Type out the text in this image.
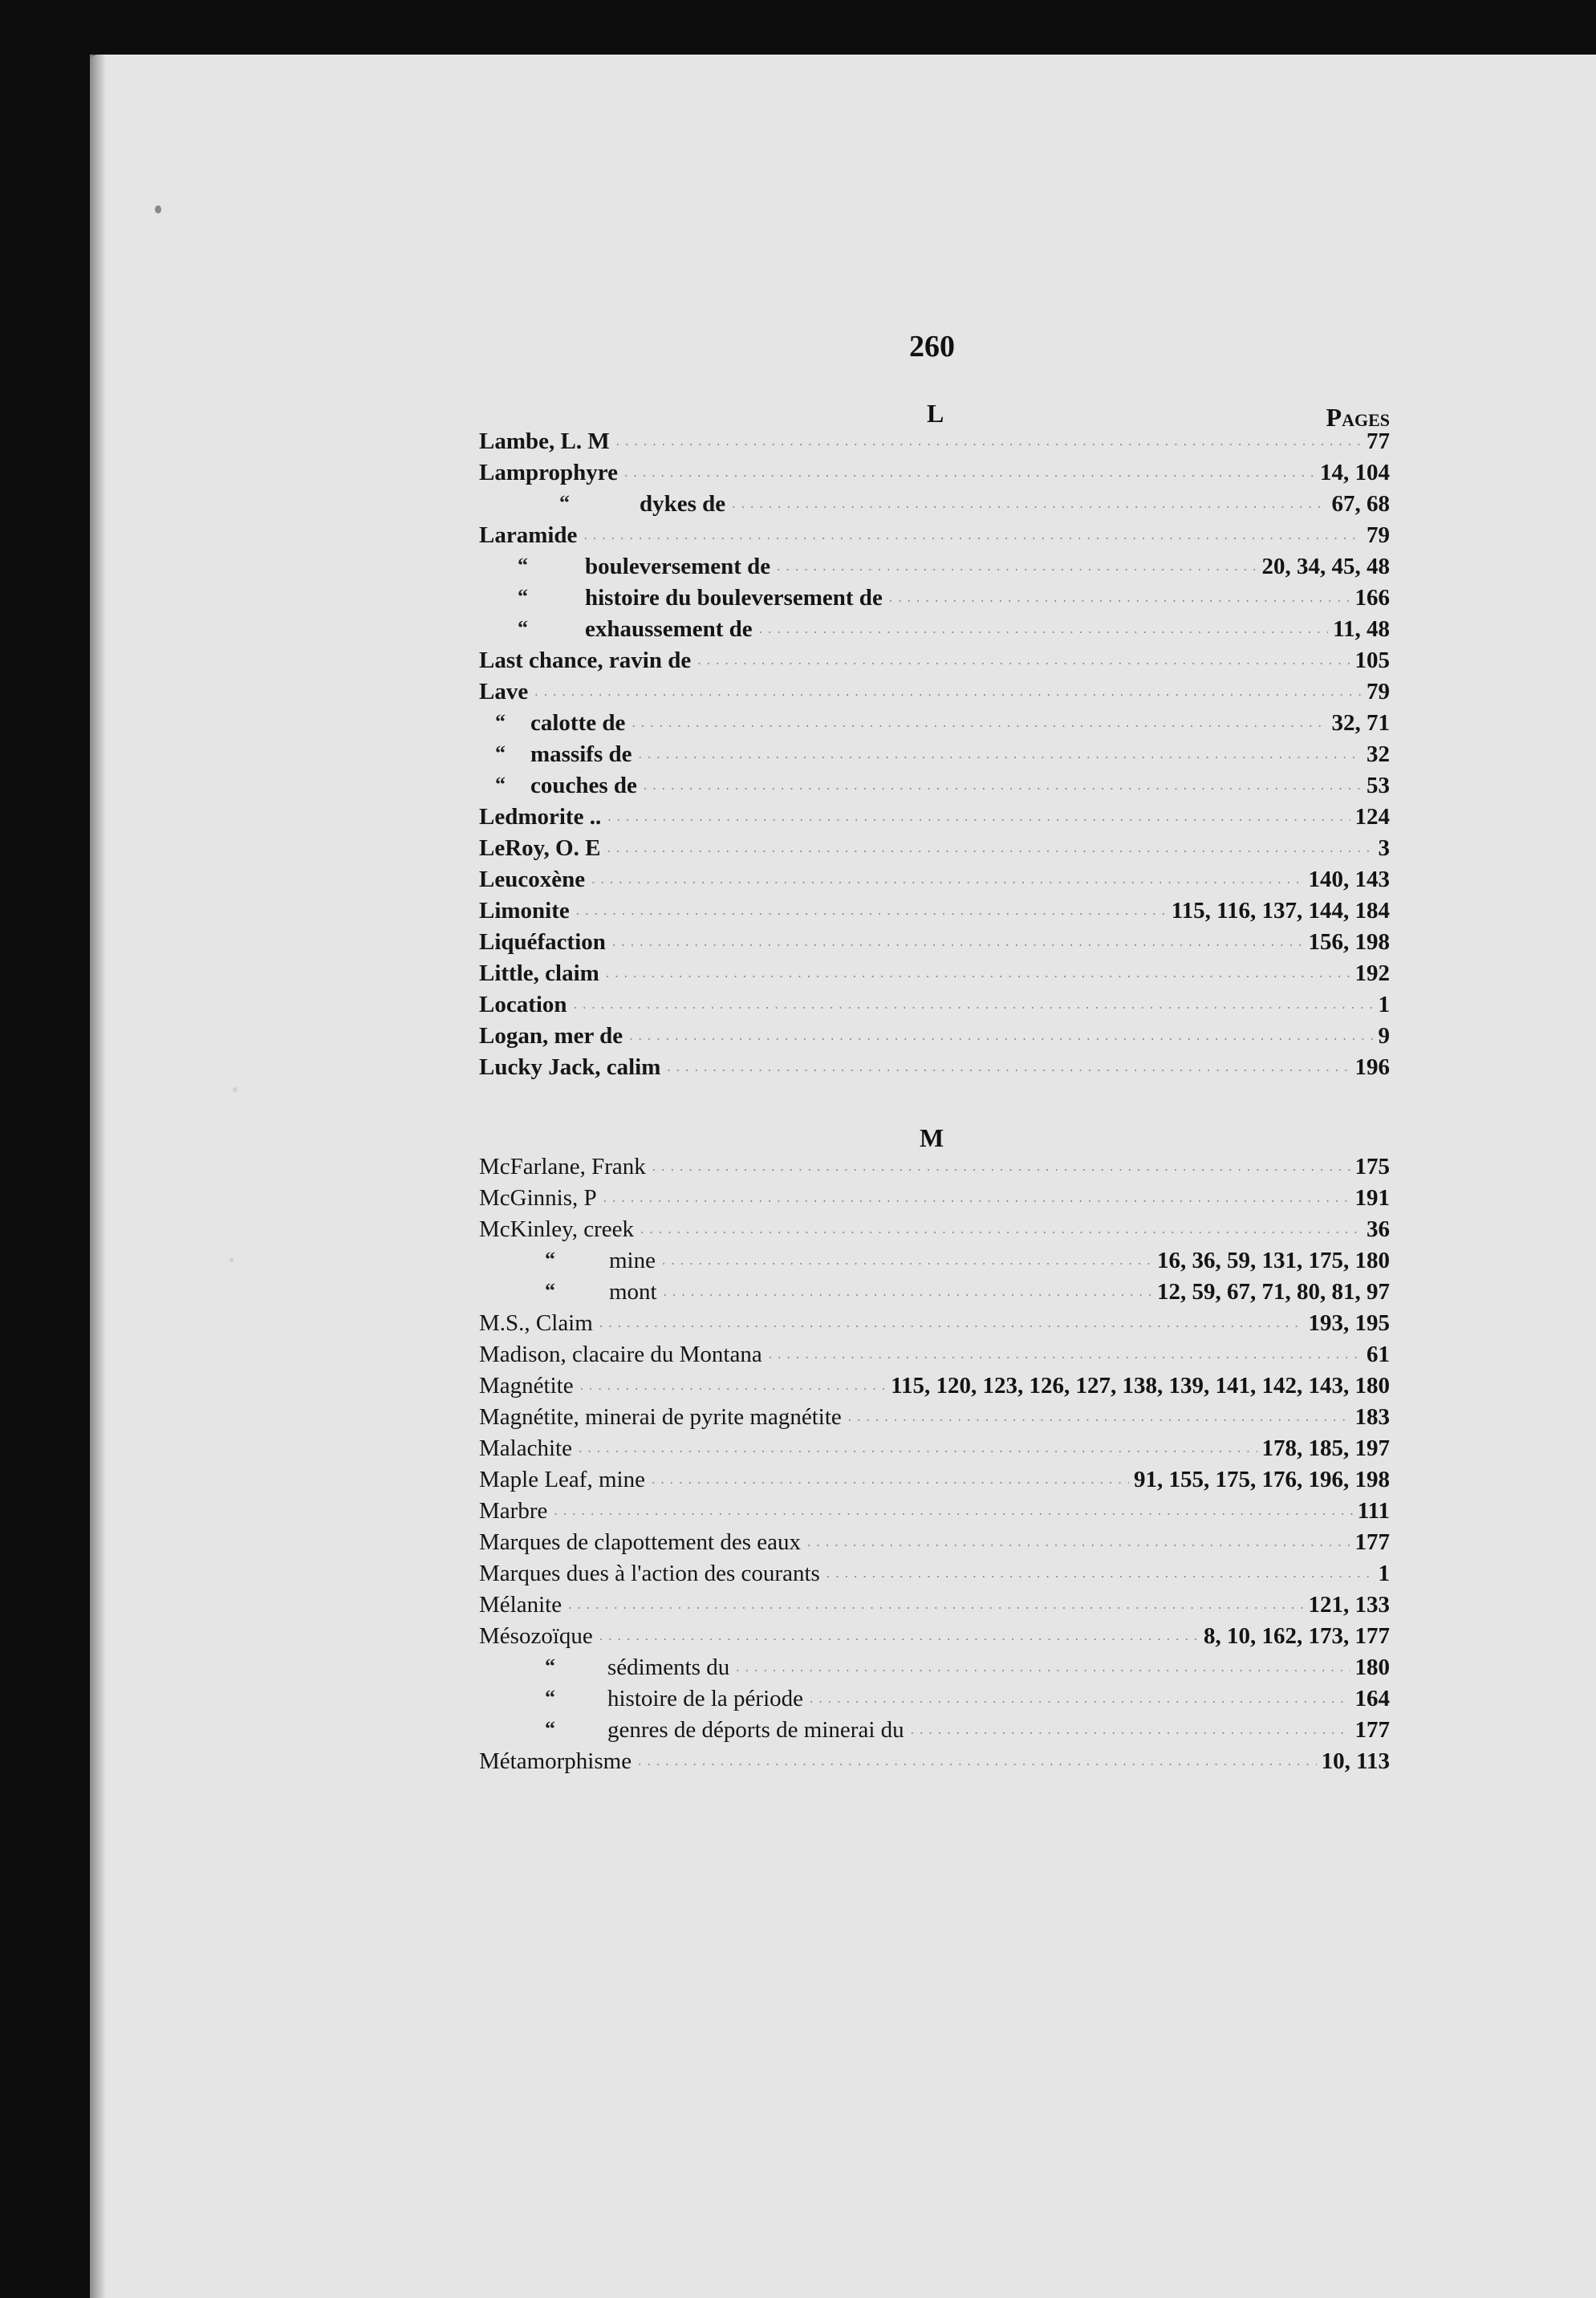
260
Pages
L
Lambe, L. M .....	77
Lamprophyre .....	14, 104
“	dykes de .....	67, 68
Laramide .....	79
“ bouleversement de .....	20, 34, 45, 48
“ histoire du bouleversement de .....	166
“ exhaussement de .....	11, 48
Last chance, ravin de .....	105
Lave .....	79
“ calotte de .....	32, 71
“ massifs de .....	32
“ couches de .....	53
Ledmorite .. .....	124
LeRoy, O. E .....	3
Leucoxène .....	140, 143
Limonite .....	115, 116, 137, 144, 184
Liquéfaction .....	156, 198
Little, claim .....	192
Location .....	1
Logan, mer de .....	9
Lucky Jack, calim .....	196
M
McFarlane, Frank .....	175
McGinnis, P .....	191
McKinley, creek .....	36
“ mine .....	16, 36, 59, 131, 175, 180
“ mont .....	12, 59, 67, 71, 80, 81, 97
M.S., Claim .....	193, 195
Madison, clacaire du Montana .....	61
Magnétite .....	115, 120, 123, 126, 127, 138, 139, 141, 142, 143, 180
Magnétite, minerai de pyrite magnétite .....	183
Malachite .....	178, 185, 197
Maple Leaf, mine .....	91, 155, 175, 176, 196, 198
Marbre .....	111
Marques de clapottement des eaux .....	177
Marques dues à l'action des courants .....	1
Mélanite .....	121, 133
Mésozoïque .....	8, 10, 162, 173, 177
“ sédiments du .....	180
“ histoire de la période .....	164
“ genres de déports de minerai du .....	177
Métamorphisme .....	10, 113
